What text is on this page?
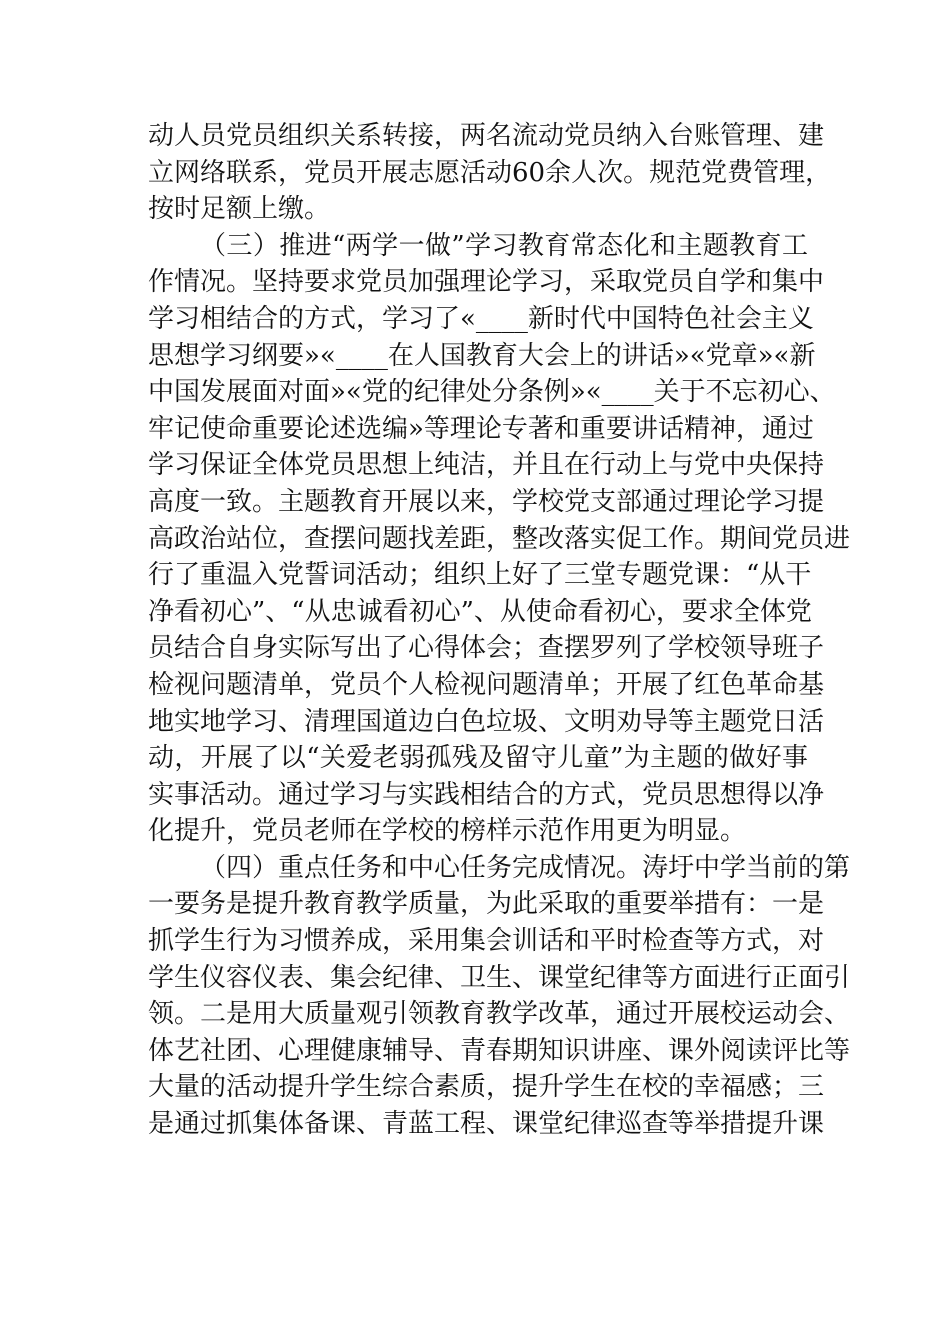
动人员党员组织关系转接，两名流动党员纳入台账管理、建
立网络联系，党员开展志愿活动60余人次。规范党费管理，
按时足额上缴。
（三）推进“两学一做”学习教育常态化和主题教育工
作情况。坚持要求党员加强理论学习，采取党员自学和集中
学习相结合的方式，学习了«____新时代中国特色社会主义
思想学习纲要»«____在人国教育大会上的讲话»«党章»«新
中国发展面对面»«党的纪律处分条例»«____关于不忘初心、
牢记使命重要论述选编»等理论专著和重要讲话精神，通过
学习保证全体党员思想上纯洁，并且在行动上与党中央保持
高度一致。主题教育开展以来，学校党支部通过理论学习提
高政治站位，查摆问题找差距，整改落实促工作。期间党员进
行了重温入党誓词活动；组织上好了三堂专题党课：“从干
净看初心”、“从忠诚看初心”、从使命看初心，要求全体党
员结合自身实际写出了心得体会；查摆罗列了学校领导班子
检视问题清单，党员个人检视问题清单；开展了红色革命基
地实地学习、清理国道边白色垃圾、文明劝导等主题党日活
动，开展了以“关爱老弱孤残及留守儿童”为主题的做好事
实事活动。通过学习与实践相结合的方式，党员思想得以净
化提升，党员老师在学校的榜样示范作用更为明显。
（四）重点任务和中心任务完成情况。涛圩中学当前的第
一要务是提升教育教学质量，为此采取的重要举措有：一是
抓学生行为习惯养成，采用集会训话和平时检查等方式，对
学生仪容仪表、集会纪律、卫生、课堂纪律等方面进行正面引
领。二是用大质量观引领教育教学改革，通过开展校运动会、
体艺社团、心理健康辅导、青春期知识讲座、课外阅读评比等
大量的活动提升学生综合素质，提升学生在校的幸福感；三
是通过抓集体备课、青蓝工程、课堂纪律巡查等举措提升课
